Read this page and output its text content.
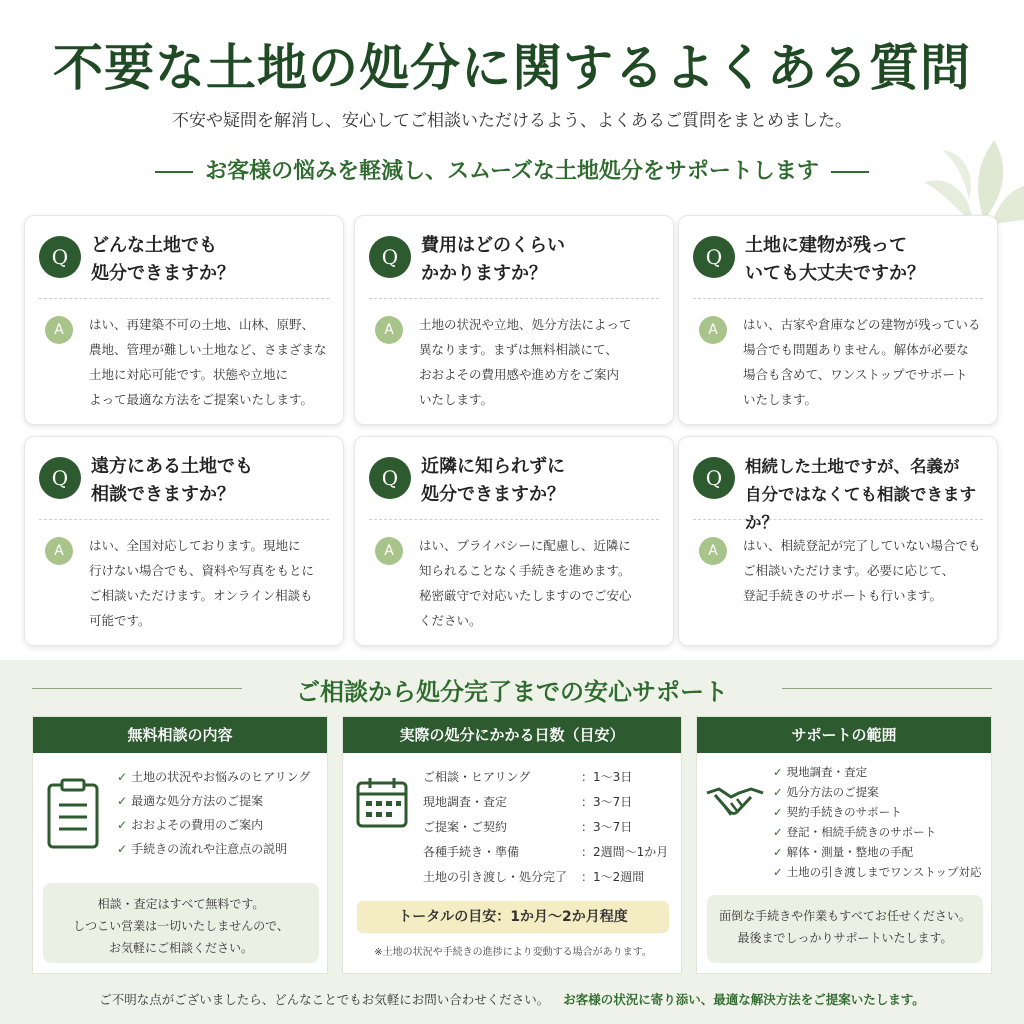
不要な土地の処分に関するよくある質問
不安や疑問を解消し、安心してご相談いただけるよう、よくあるご質問をまとめました。
お客様の悩みを軽減し、スムーズな土地処分をサポートします
Q	どんな土地でも
処分できますか？
A	はい、再建築不可の土地、山林、原野、
農地、管理が難しい土地など、さまざまな
土地に対応可能です。状態や立地に
よって最適な方法をご提案いたします。
Q	費用はどのくらい
かかりますか？
A	土地の状況や立地、処分方法によって
異なります。まずは無料相談にて、
おおよその費用感や進め方をご案内
いたします。
Q	土地に建物が残って
いても大丈夫ですか？
A	はい、古家や倉庫などの建物が残っている
場合でも問題ありません。解体が必要な
場合も含めて、ワンストップでサポート
いたします。
Q	遠方にある土地でも
相談できますか？
A	はい、全国対応しております。現地に
行けない場合でも、資料や写真をもとに
ご相談いただけます。オンライン相談も
可能です。
Q	近隣に知られずに
処分できますか？
A	はい、プライバシーに配慮し、近隣に
知られることなく手続きを進めます。
秘密厳守で対応いたしますのでご安心
ください。
Q	相続した土地ですが、名義が
自分ではなくても相談できますか？
A	はい、相続登記が完了していない場合でも
ご相談いただけます。必要に応じて、
登記手続きのサポートも行います。
ご相談から処分完了までの安心サポート
無料相談の内容
✓ 土地の状況やお悩みのヒアリング
✓ 最適な処分方法のご提案
✓ おおよその費用のご案内
✓ 手続きの流れや注意点の説明
相談・査定はすべて無料です。
しつこい営業は一切いたしませんので、
お気軽にご相談ください。
実際の処分にかかる日数（目安）
ご相談・ヒアリング	：1〜3日
現地調査・査定	：3〜7日
ご提案・ご契約	：3〜7日
各種手続き・準備	：2週間〜1か月
土地の引き渡し・処分完了 ：1〜2週間
トータルの目安：1か月〜2か月程度
※土地の状況や手続きの進捗により変動する場合があります。
サポートの範囲
✓ 現地調査・査定
✓ 処分方法のご提案
✓ 契約手続きのサポート
✓ 登記・相続手続きのサポート
✓ 解体・測量・整地の手配
✓ 土地の引き渡しまでワンストップ対応
面倒な手続きや作業もすべてお任せください。
最後までしっかりサポートいたします。
ご不明な点がございましたら、どんなことでもお気軽にお問い合わせください。 お客様の状況に寄り添い、最適な解決方法をご提案いたします。
